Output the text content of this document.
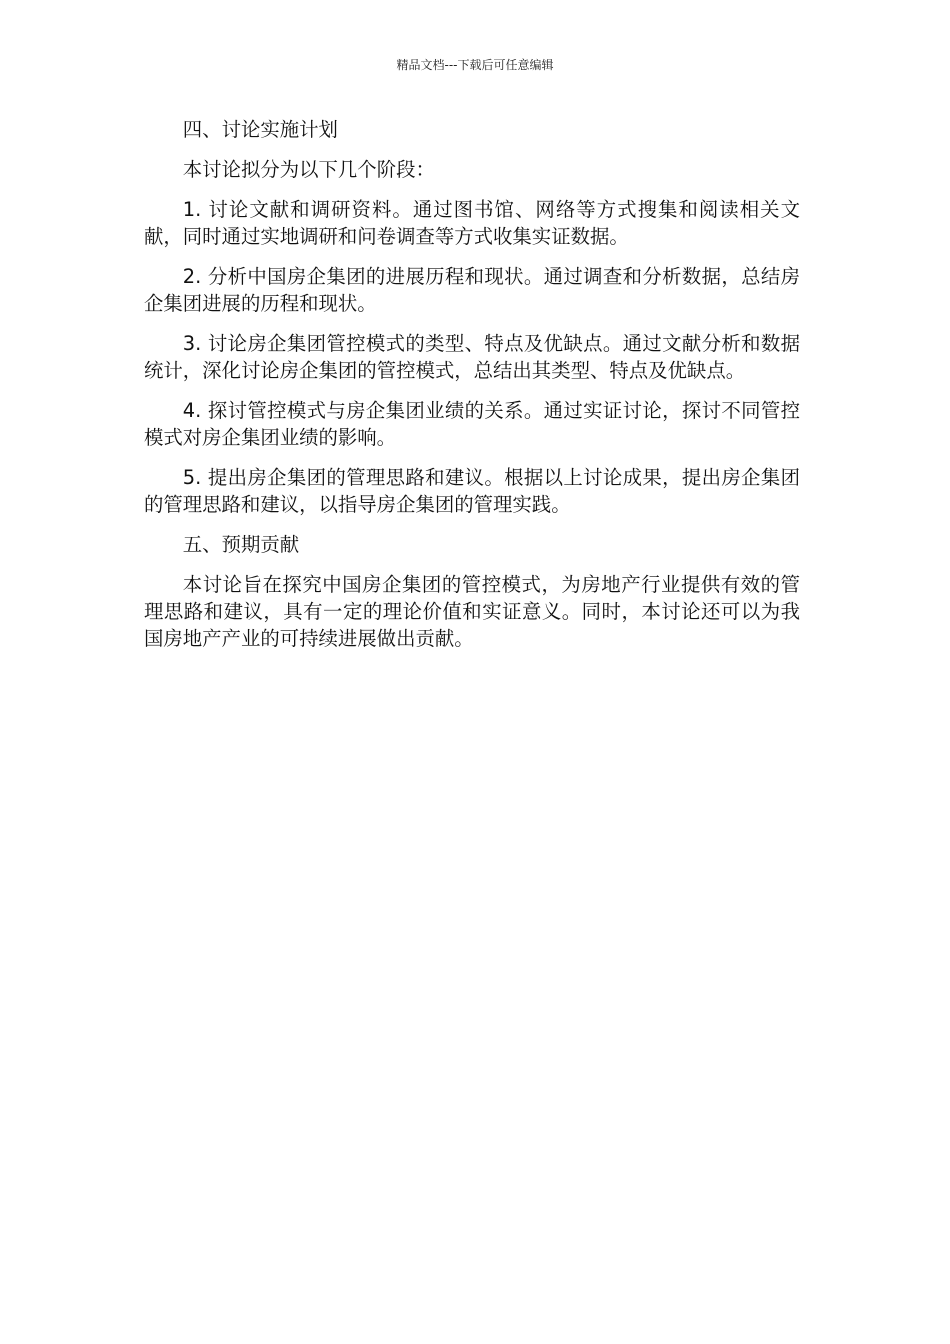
精品文档---下载后可任意编辑

四、讨论实施计划

本讨论拟分为以下几个阶段：

1. 讨论文献和调研资料。通过图书馆、网络等方式搜集和阅读相关文献，同时通过实地调研和问卷调查等方式收集实证数据。

2. 分析中国房企集团的进展历程和现状。通过调查和分析数据，总结房企集团进展的历程和现状。

3. 讨论房企集团管控模式的类型、特点及优缺点。通过文献分析和数据统计，深化讨论房企集团的管控模式，总结出其类型、特点及优缺点。

4. 探讨管控模式与房企集团业绩的关系。通过实证讨论，探讨不同管控模式对房企集团业绩的影响。

5. 提出房企集团的管理思路和建议。根据以上讨论成果，提出房企集团的管理思路和建议，以指导房企集团的管理实践。

五、预期贡献

本讨论旨在探究中国房企集团的管控模式，为房地产行业提供有效的管理思路和建议，具有一定的理论价值和实证意义。同时，本讨论还可以为我国房地产产业的可持续进展做出贡献。
